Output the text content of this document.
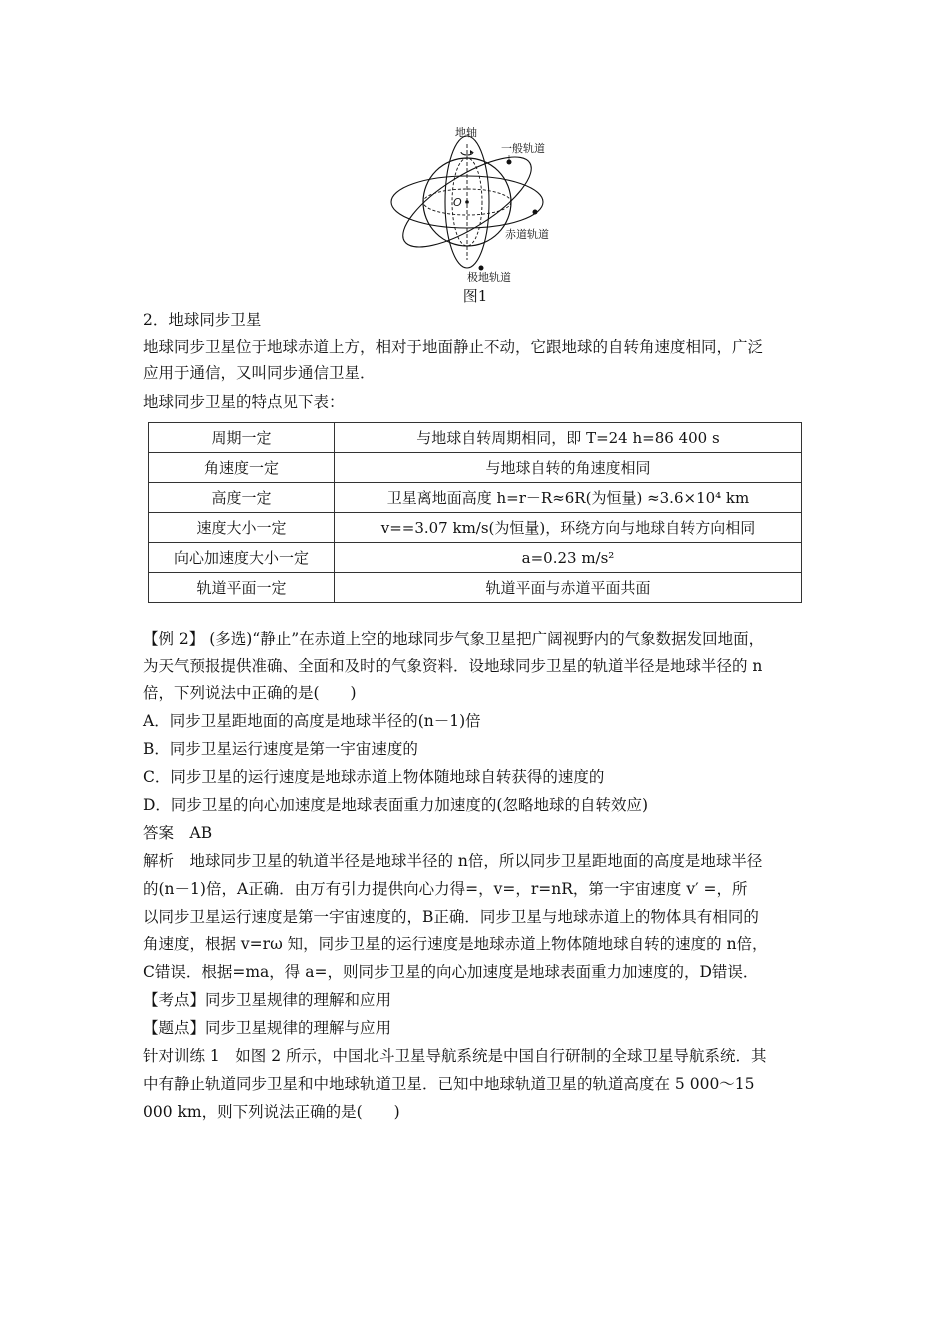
地轴
一般轨道
O
赤道轨道
极地轨道
图1
2．地球同步卫星
地球同步卫星位于地球赤道上方，相对于地面静止不动，它跟地球的自转角速度相同，广泛
应用于通信，又叫同步通信卫星．
地球同步卫星的特点见下表：
周期一定	与地球自转周期相同，即 T=24 h=86 400 s
角速度一定	与地球自转的角速度相同
高度一定	卫星离地面高度 h=r－R≈6R(为恒量) ≈3.6×10⁴ km
速度大小一定	v==3.07 km/s(为恒量)，环绕方向与地球自转方向相同
向心加速度大小一定	a=0.23 m/s²
轨道平面一定	轨道平面与赤道平面共面
【例 2】 (多选)“静止”在赤道上空的地球同步气象卫星把广阔视野内的气象数据发回地面，
为天气预报提供准确、全面和及时的气象资料．设地球同步卫星的轨道半径是地球半径的 n
倍，下列说法中正确的是(　　)
A．同步卫星距地面的高度是地球半径的(n－1)倍
B．同步卫星运行速度是第一宇宙速度的
C．同步卫星的运行速度是地球赤道上物体随地球自转获得的速度的
D．同步卫星的向心加速度是地球表面重力加速度的(忽略地球的自转效应)
答案　AB
解析　地球同步卫星的轨道半径是地球半径的 n倍，所以同步卫星距地面的高度是地球半径
的(n－1)倍，A正确．由万有引力提供向心力得=，v=，r=nR，第一宇宙速度 v′ =，所
以同步卫星运行速度是第一宇宙速度的，B正确．同步卫星与地球赤道上的物体具有相同的
角速度，根据 v=rω 知，同步卫星的运行速度是地球赤道上物体随地球自转的速度的 n倍，
C错误．根据=ma，得 a=，则同步卫星的向心加速度是地球表面重力加速度的，D错误．
【考点】同步卫星规律的理解和应用
【题点】同步卫星规律的理解与应用
针对训练 1　如图 2 所示，中国北斗卫星导航系统是中国自行研制的全球卫星导航系统．其
中有静止轨道同步卫星和中地球轨道卫星．已知中地球轨道卫星的轨道高度在 5 000～15
000 km，则下列说法正确的是(　　)
